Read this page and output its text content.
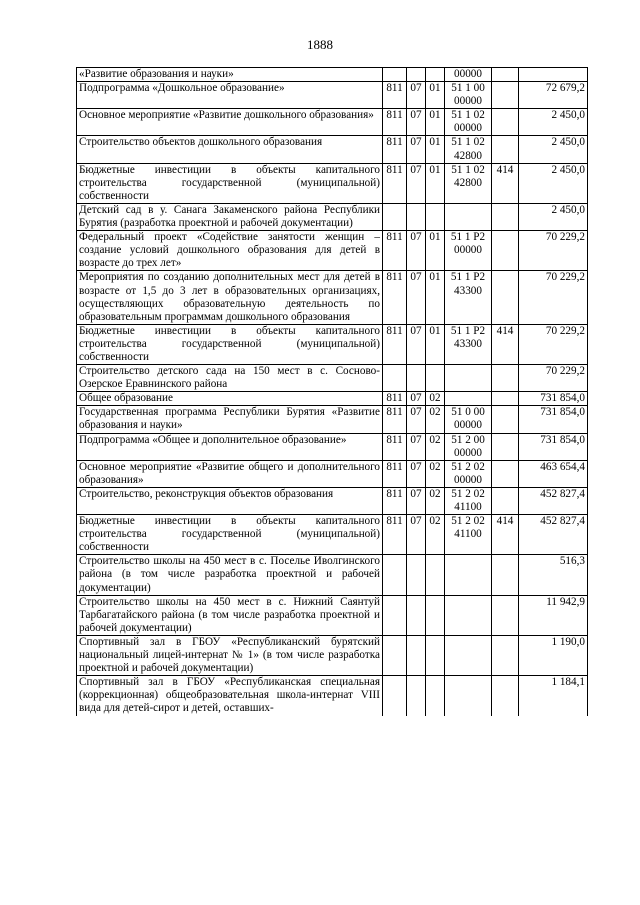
1888
«Развитие образования и науки»				00000		
Подпрограмма «Дошкольное образование»	811	07	01	51 1 00 00000		72 679,2
Основное мероприятие «Развитие дошкольного образования»	811	07	01	51 1 02 00000		2 450,0
Строительство объектов дошкольного образования	811	07	01	51 1 02 42800		2 450,0
Бюджетные инвестиции в объекты капитального строительства государственной (муниципальной) собственности	811	07	01	51 1 02 42800	414	2 450,0
Детский сад в у. Санага Закаменского района Республики Бурятия (разработка проектной и рабочей документации)						2 450,0
Федеральный проект «Содействие занятости женщин – создание условий дошкольного образования для детей в возрасте до трех лет»	811	07	01	51 1 P2 00000		70 229,2
Мероприятия по созданию дополнительных мест для детей в возрасте от 1,5 до 3 лет в образовательных организациях, осуществляющих образовательную деятельность по образовательным программам дошкольного образования	811	07	01	51 1 P2 43300		70 229,2
Бюджетные инвестиции в объекты капитального строительства государственной (муниципальной) собственности	811	07	01	51 1 P2 43300	414	70 229,2
Строительство детского сада на 150 мест в с. Сосново-Озерское Еравнинского района						70 229,2
Общее образование	811	07	02			731 854,0
Государственная программа Республики Бурятия «Развитие образования и науки»	811	07	02	51 0 00 00000		731 854,0
Подпрограмма «Общее и дополнительное образование»	811	07	02	51 2 00 00000		731 854,0
Основное мероприятие «Развитие общего и дополнительного образования»	811	07	02	51 2 02 00000		463 654,4
Строительство, реконструкция объектов образования	811	07	02	51 2 02 41100		452 827,4
Бюджетные инвестиции в объекты капитального строительства государственной (муниципальной) собственности	811	07	02	51 2 02 41100	414	452 827,4
Строительство школы на 450 мест в с. Поселье Иволгинского района (в том числе разработка проектной и рабочей документации)						516,3
Строительство школы на 450 мест в с. Нижний Саянтуй Тарбагатайского района (в том числе разработка проектной и рабочей документации)						11 942,9
Спортивный зал в ГБОУ «Республиканский бурятский национальный лицей-интернат № 1» (в том числе разработка проектной и рабочей документации)						1 190,0
Спортивный зал в ГБОУ «Республиканская специальная (коррекционная) общеобразовательная школа-интернат VIII вида для детей-сирот и детей, оставших-						1 184,1
